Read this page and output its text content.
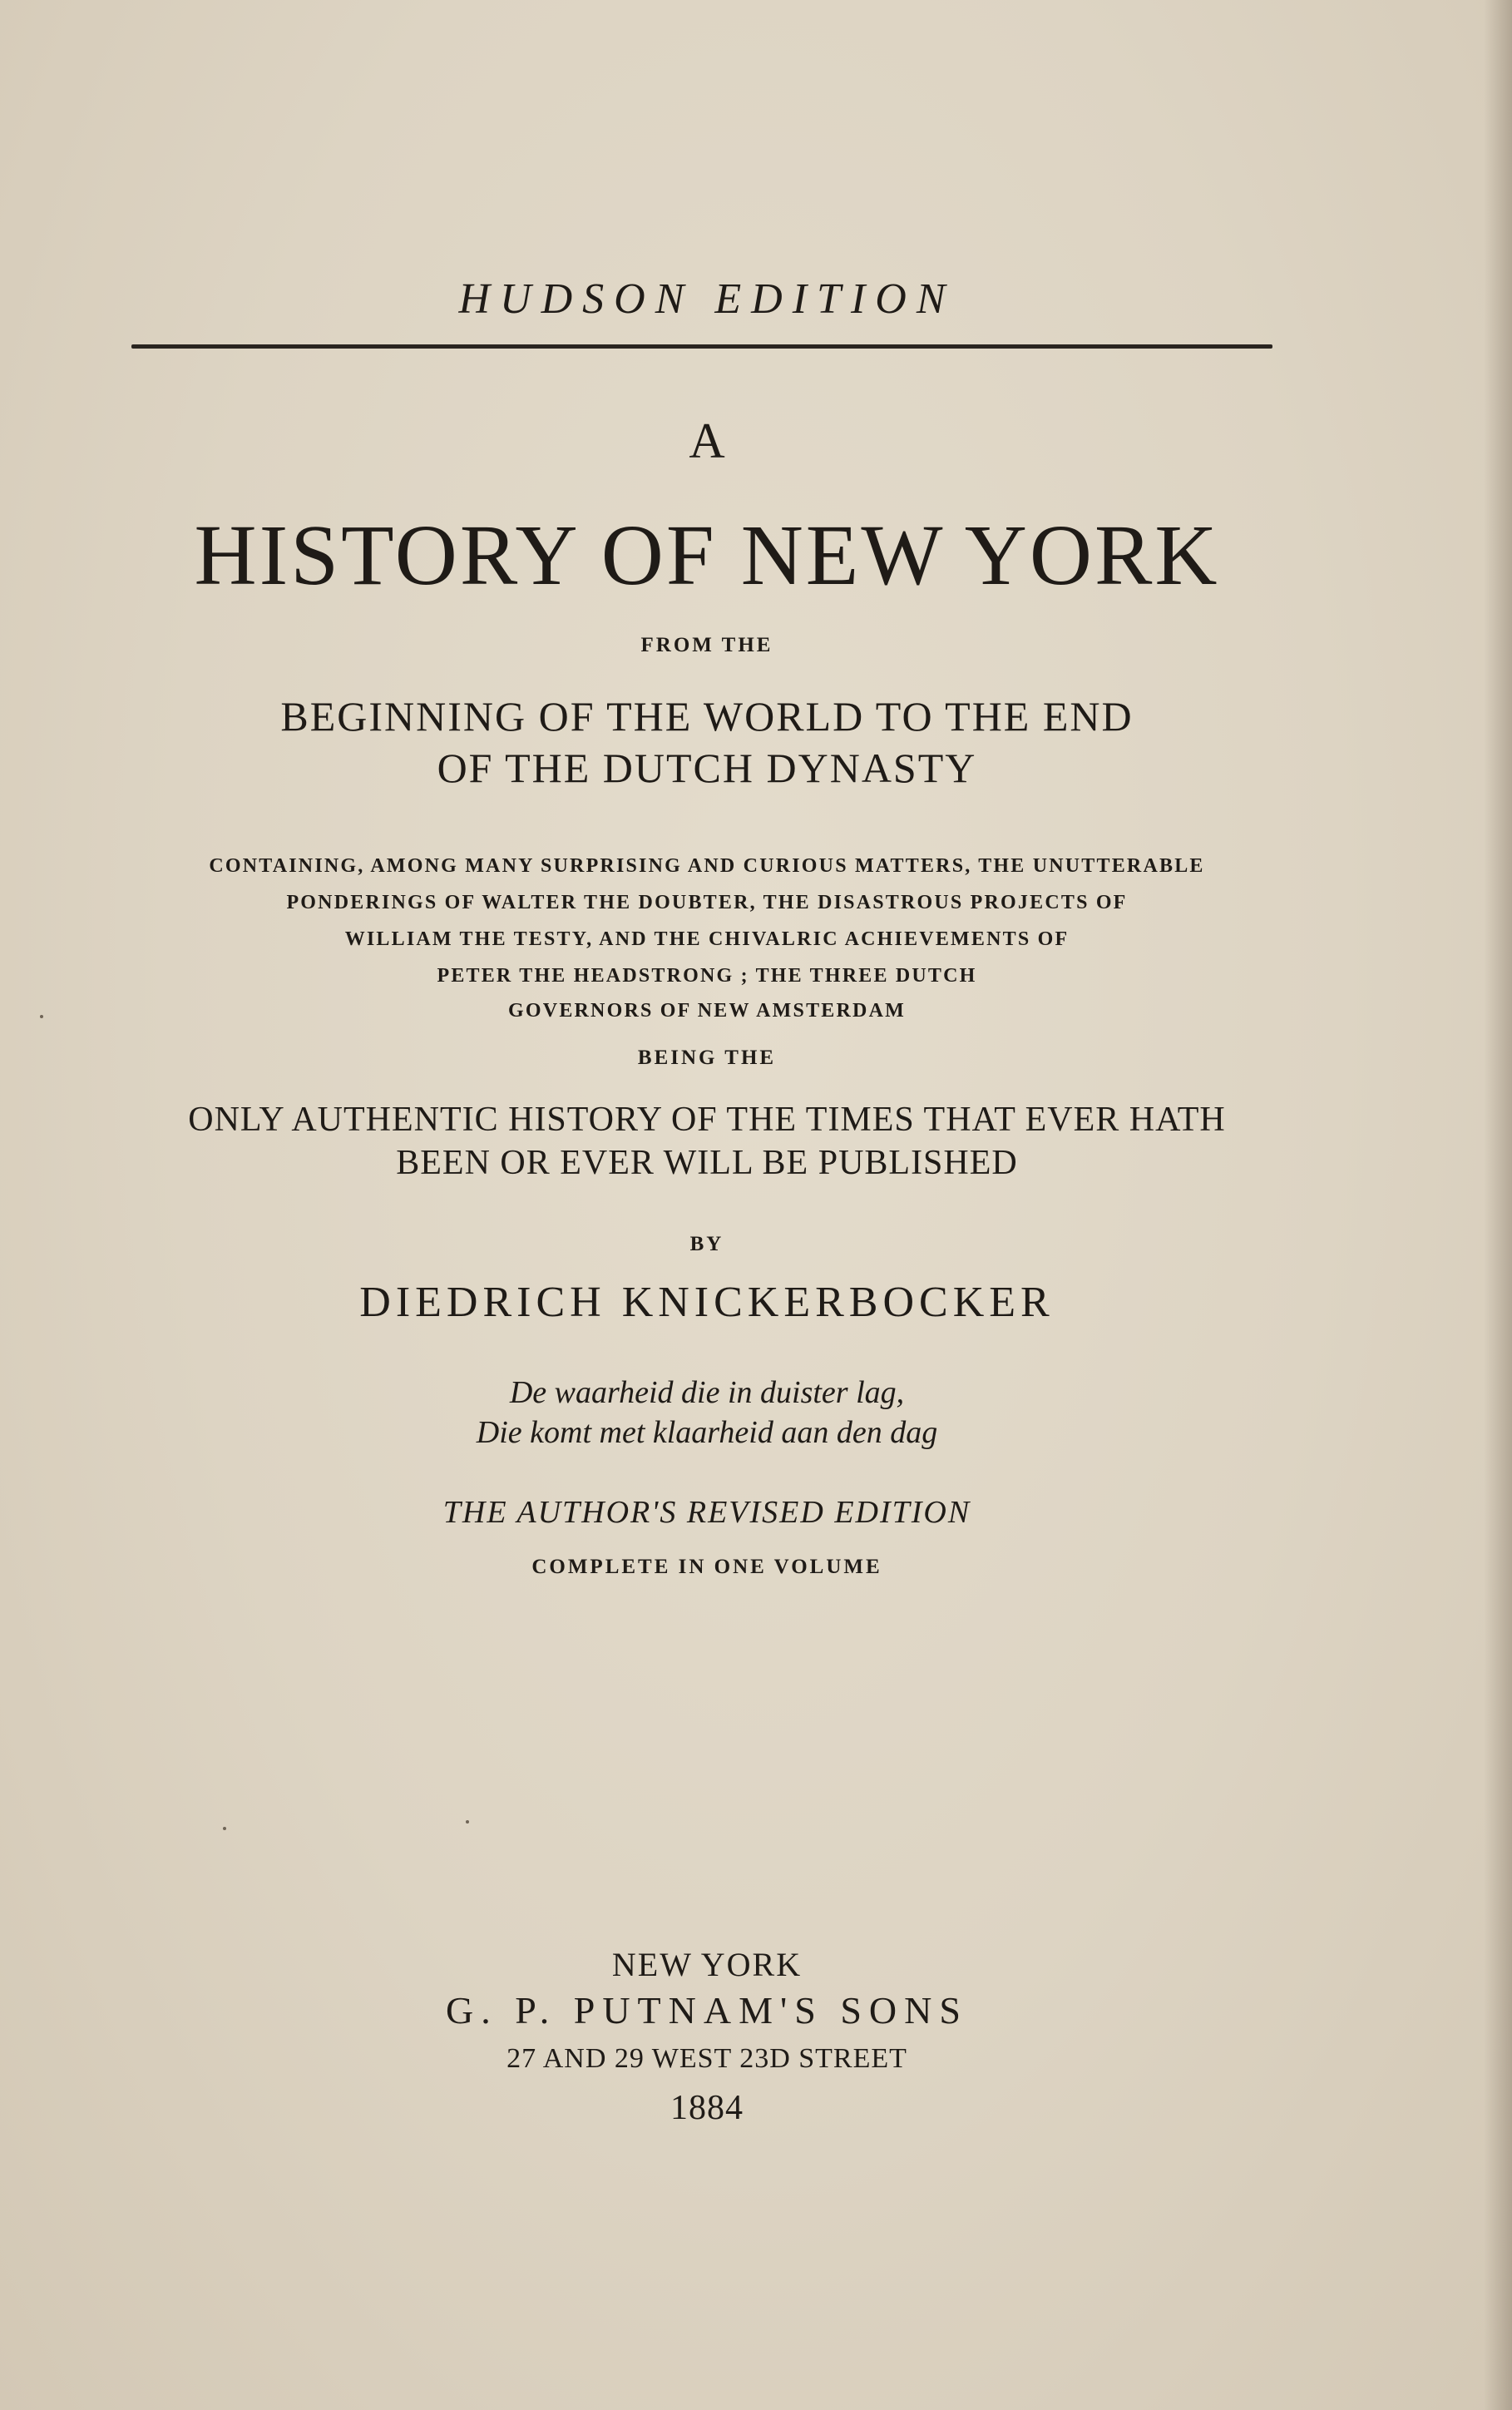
HUDSON EDITION
A
HISTORY OF NEW YORK
FROM THE
BEGINNING OF THE WORLD TO THE END
OF THE DUTCH DYNASTY
CONTAINING, AMONG MANY SURPRISING AND CURIOUS MATTERS, THE UNUTTERABLE
PONDERINGS OF WALTER THE DOUBTER, THE DISASTROUS PROJECTS OF
WILLIAM THE TESTY, AND THE CHIVALRIC ACHIEVEMENTS OF
PETER THE HEADSTRONG ; THE THREE DUTCH
GOVERNORS OF NEW AMSTERDAM
BEING THE
ONLY AUTHENTIC HISTORY OF THE TIMES THAT EVER HATH
BEEN OR EVER WILL BE PUBLISHED
BY
DIEDRICH KNICKERBOCKER
De waarheid die in duister lag,
Die komt met klaarheid aan den dag
THE AUTHOR'S REVISED EDITION
COMPLETE IN ONE VOLUME
NEW YORK
G. P. PUTNAM'S SONS
27 AND 29 WEST 23D STREET
1884
